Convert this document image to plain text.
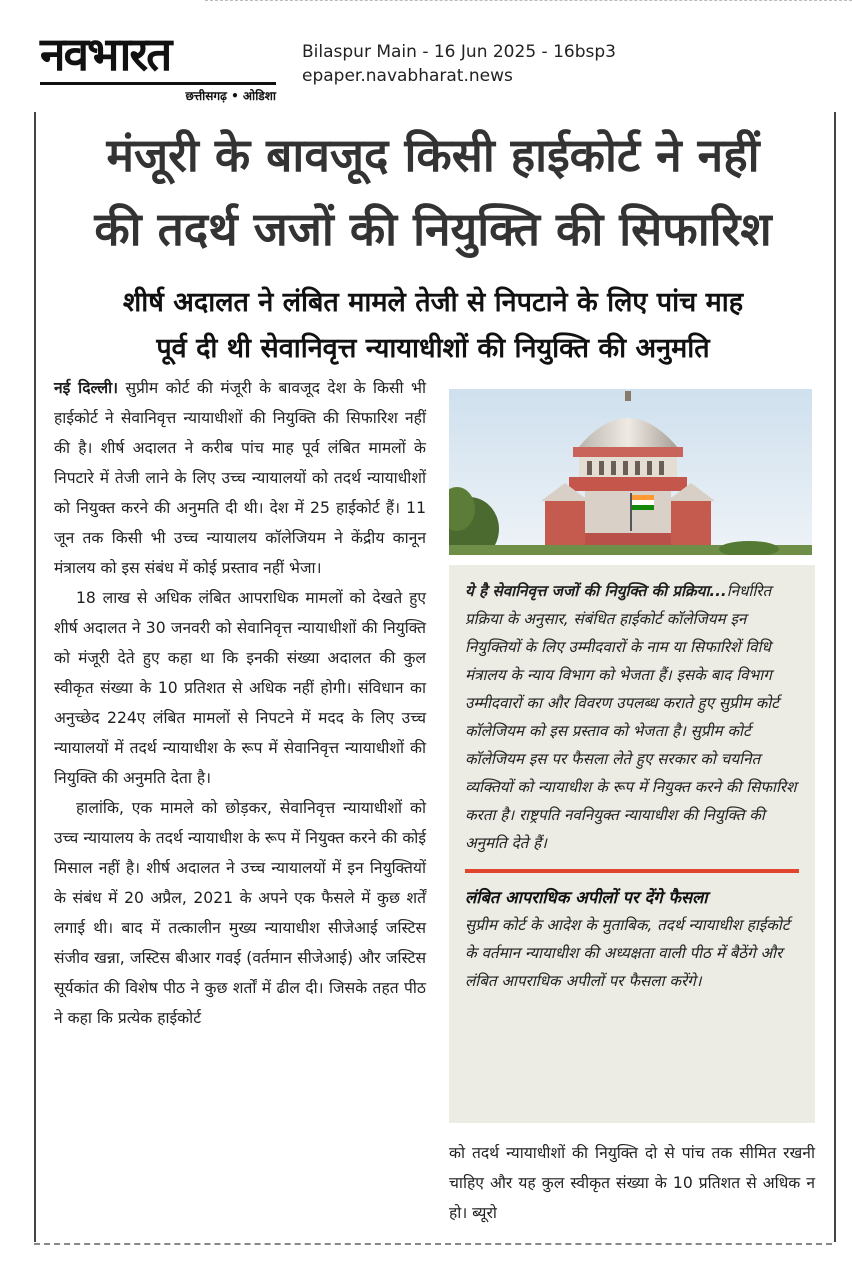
नवभारत
छत्तीसगढ़ • ओडिशा
Bilaspur Main - 16 Jun 2025 - 16bsp3
epaper.navabharat.news
मंजूरी के बावजूद किसी हाईकोर्ट ने नहीं
की तदर्थ जजों की नियुक्ति की सिफारिश
शीर्ष अदालत ने लंबित मामले तेजी से निपटाने के लिए पांच माह
पूर्व दी थी सेवानिवृत्त न्यायाधीशों की नियुक्ति की अनुमति

नई दिल्ली। सुप्रीम कोर्ट की मंजूरी के बावजूद देश के किसी भी हाईकोर्ट ने सेवानिवृत्त न्यायाधीशों की नियुक्ति की सिफारिश नहीं की है। शीर्ष अदालत ने करीब पांच माह पूर्व लंबित मामलों के निपटारे में तेजी लाने के लिए उच्च न्यायालयों को तदर्थ न्यायाधीशों को नियुक्त करने की अनुमति दी थी। देश में 25 हाईकोर्ट हैं। 11 जून तक किसी भी उच्च न्यायालय कॉलेजियम ने केंद्रीय कानून मंत्रालय को इस संबंध में कोई प्रस्ताव नहीं भेजा।

18 लाख से अधिक लंबित आपराधिक मामलों को देखते हुए शीर्ष अदालत ने 30 जनवरी को सेवानिवृत्त न्यायाधीशों की नियुक्ति को मंजूरी देते हुए कहा था कि इनकी संख्या अदालत की कुल स्वीकृत संख्या के 10 प्रतिशत से अधिक नहीं होगी। संविधान का अनुच्छेद 224ए लंबित मामलों से निपटने में मदद के लिए उच्च न्यायालयों में तदर्थ न्यायाधीश के रूप में सेवानिवृत्त न्यायाधीशों की नियुक्ति की अनुमति देता है।

हालांकि, एक मामले को छोड़कर, सेवानिवृत्त न्यायाधीशों को उच्च न्यायालय के तदर्थ न्यायाधीश के रूप में नियुक्त करने की कोई मिसाल नहीं है। शीर्ष अदालत ने उच्च न्यायालयों में इन नियुक्तियों के संबंध में 20 अप्रैल, 2021 के अपने एक फैसले में कुछ शर्तें लगाई थी। बाद में तत्कालीन मुख्य न्यायाधीश सीजेआई जस्टिस संजीव खन्ना, जस्टिस बीआर गवई (वर्तमान सीजेआई) और जस्टिस सूर्यकांत की विशेष पीठ ने कुछ शर्तों में ढील दी। जिसके तहत पीठ ने कहा कि प्रत्येक हाईकोर्ट

ये है सेवानिवृत्त जजों की नियुक्ति की प्रक्रिया...निर्धारित प्रक्रिया के अनुसार, संबंधित हाईकोर्ट कॉलेजियम इन नियुक्तियों के लिए उम्मीदवारों के नाम या सिफारिशें विधि मंत्रालय के न्याय विभाग को भेजता हैं। इसके बाद विभाग उम्मीदवारों का और विवरण उपलब्ध कराते हुए सुप्रीम कोर्ट कॉलेजियम को इस प्रस्ताव को भेजता है। सुप्रीम कोर्ट कॉलेजियम इस पर फैसला लेते हुए सरकार को चयनित व्यक्तियों को न्यायाधीश के रूप में नियुक्त करने की सिफारिश करता है। राष्ट्रपति नवनियुक्त न्यायाधीश की नियुक्ति की अनुमति देते हैं।

लंबित आपराधिक अपीलों पर देंगे फैसला

सुप्रीम कोर्ट के आदेश के मुताबिक, तदर्थ न्यायाधीश हाईकोर्ट के वर्तमान न्यायाधीश की अध्यक्षता वाली पीठ में बैठेंगे और लंबित आपराधिक अपीलों पर फैसला करेंगे।

को तदर्थ न्यायाधीशों की नियुक्ति दो से पांच तक सीमित रखनी चाहिए और यह कुल स्वीकृत संख्या के 10 प्रतिशत से अधिक न हो। ब्यूरो
